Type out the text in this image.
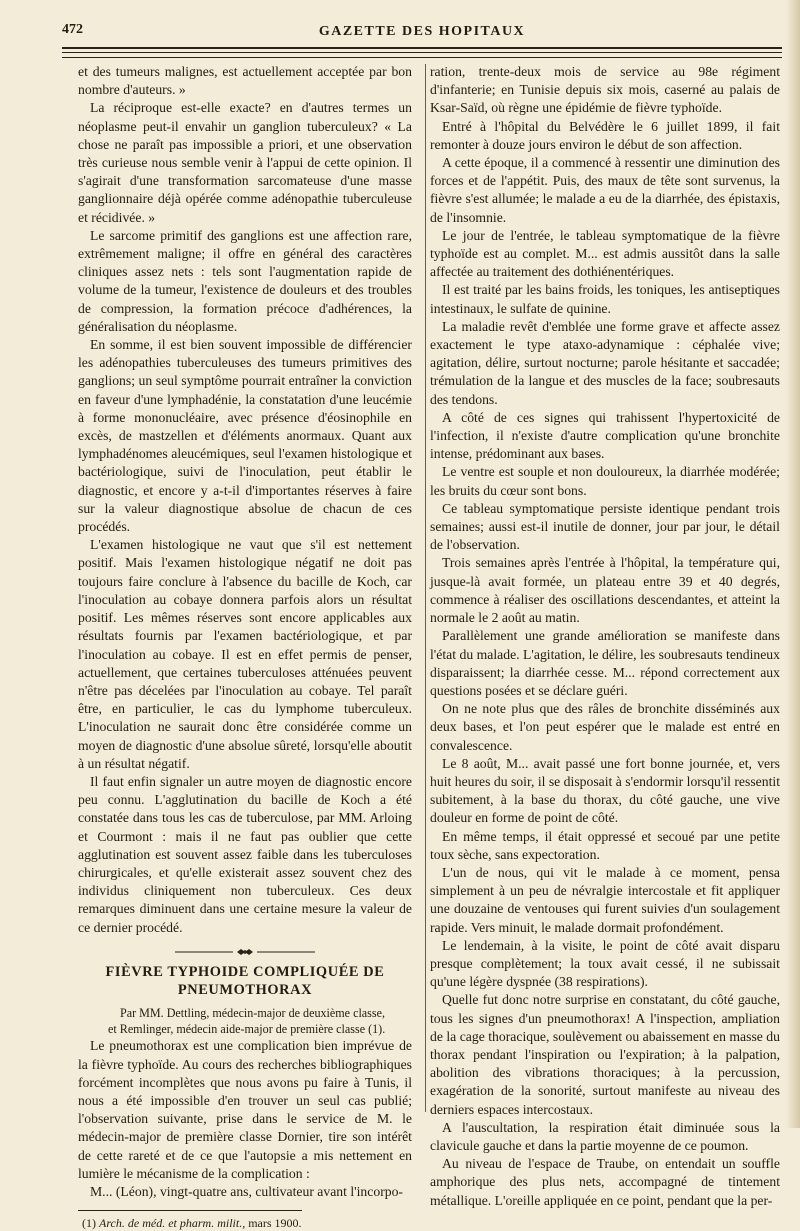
472	GAZETTE DES HOPITAUX

et des tumeurs malignes, est actuellement acceptée par bon nombre d'auteurs. »

La réciproque est-elle exacte? en d'autres termes un néoplasme peut-il envahir un ganglion tuberculeux? « La chose ne paraît pas impossible a priori, et une observation très curieuse nous semble venir à l'appui de cette opinion. Il s'agirait d'une transformation sarcomateuse d'une masse ganglionnaire déjà opérée comme adénopathie tuberculeuse et récidivée. »

Le sarcome primitif des ganglions est une affection rare, extrêmement maligne; il offre en général des caractères cliniques assez nets : tels sont l'augmentation rapide de volume de la tumeur, l'existence de douleurs et des troubles de compression, la formation précoce d'adhérences, la généralisation du néoplasme.

En somme, il est bien souvent impossible de différencier les adénopathies tuberculeuses des tumeurs primitives des ganglions; un seul symptôme pourrait entraîner la conviction en faveur d'une lymphadénie, la constatation d'une leucémie à forme mononucléaire, avec présence d'éosinophile en excès, de mastzellen et d'éléments anormaux. Quant aux lymphadénomes aleucémiques, seul l'examen histologique et bactériologique, suivi de l'inoculation, peut établir le diagnostic, et encore y a-t-il d'importantes réserves à faire sur la valeur diagnostique absolue de chacun de ces procédés.

L'examen histologique ne vaut que s'il est nettement positif. Mais l'examen histologique négatif ne doit pas toujours faire conclure à l'absence du bacille de Koch, car l'inoculation au cobaye donnera parfois alors un résultat positif. Les mêmes réserves sont encore applicables aux résultats fournis par l'examen bactériologique, et par l'inoculation au cobaye. Il est en effet permis de penser, actuellement, que certaines tuberculoses atténuées peuvent n'être pas décelées par l'inoculation au cobaye. Tel paraît être, en particulier, le cas du lymphome tuberculeux. L'inoculation ne saurait donc être considérée comme un moyen de diagnostic d'une absolue sûreté, lorsqu'elle aboutit à un résultat négatif.

Il faut enfin signaler un autre moyen de diagnostic encore peu connu. L'agglutination du bacille de Koch a été constatée dans tous les cas de tuberculose, par MM. Arloing et Courmont : mais il ne faut pas oublier que cette agglutination est souvent assez faible dans les tuberculoses chirurgicales, et qu'elle existerait assez souvent chez des individus cliniquement non tuberculeux. Ces deux remarques diminuent dans une certaine mesure la valeur de ce dernier procédé.

FIÈVRE TYPHOIDE COMPLIQUÉE DE PNEUMOTHORAX

Par MM. Dettling, médecin-major de deuxième classe,
et Remlinger, médecin aide-major de première classe (1).

Le pneumothorax est une complication bien imprévue de la fièvre typhoïde. Au cours des recherches bibliographiques forcément incomplètes que nous avons pu faire à Tunis, il nous a été impossible d'en trouver un seul cas publié; l'observation suivante, prise dans le service de M. le médecin-major de première classe Dornier, tire son intérêt de cette rareté et de ce que l'autopsie a mis nettement en lumière le mécanisme de la complication :

M... (Léon), vingt-quatre ans, cultivateur avant l'incorpo-

(1) Arch. de méd. et pharm. milit., mars 1900.

ration, trente-deux mois de service au 98e régiment d'infanterie; en Tunisie depuis six mois, caserné au palais de Ksar-Saïd, où règne une épidémie de fièvre typhoïde.

Entré à l'hôpital du Belvédère le 6 juillet 1899, il fait remonter à douze jours environ le début de son affection.

A cette époque, il a commencé à ressentir une diminution des forces et de l'appétit. Puis, des maux de tête sont survenus, la fièvre s'est allumée; le malade a eu de la diarrhée, des épistaxis, de l'insomnie.

Le jour de l'entrée, le tableau symptomatique de la fièvre typhoïde est au complet. M... est admis aussitôt dans la salle affectée au traitement des dothiénentériques.

Il est traité par les bains froids, les toniques, les antiseptiques intestinaux, le sulfate de quinine.

La maladie revêt d'emblée une forme grave et affecte assez exactement le type ataxo-adynamique : céphalée vive; agitation, délire, surtout nocturne; parole hésitante et saccadée; trémulation de la langue et des muscles de la face; soubresauts des tendons.

A côté de ces signes qui trahissent l'hypertoxicité de l'infection, il n'existe d'autre complication qu'une bronchite intense, prédominant aux bases.

Le ventre est souple et non douloureux, la diarrhée modérée; les bruits du cœur sont bons.

Ce tableau symptomatique persiste identique pendant trois semaines; aussi est-il inutile de donner, jour par jour, le détail de l'observation.

Trois semaines après l'entrée à l'hôpital, la température qui, jusque-là avait formée, un plateau entre 39 et 40 degrés, commence à réaliser des oscillations descendantes, et atteint la normale le 2 août au matin.

Parallèlement une grande amélioration se manifeste dans l'état du malade. L'agitation, le délire, les soubresauts tendineux disparaissent; la diarrhée cesse. M... répond correctement aux questions posées et se déclare guéri.

On ne note plus que des râles de bronchite disséminés aux deux bases, et l'on peut espérer que le malade est entré en convalescence.

Le 8 août, M... avait passé une fort bonne journée, et, vers huit heures du soir, il se disposait à s'endormir lorsqu'il ressentit subitement, à la base du thorax, du côté gauche, une vive douleur en forme de point de côté.

En même temps, il était oppressé et secoué par une petite toux sèche, sans expectoration.

L'un de nous, qui vit le malade à ce moment, pensa simplement à un peu de névralgie intercostale et fit appliquer une douzaine de ventouses qui furent suivies d'un soulagement rapide. Vers minuit, le malade dormait profondément.

Le lendemain, à la visite, le point de côté avait disparu presque complètement; la toux avait cessé, il ne subissait qu'une légère dyspnée (38 respirations).

Quelle fut donc notre surprise en constatant, du côté gauche, tous les signes d'un pneumothorax! A l'inspection, ampliation de la cage thoracique, soulèvement ou abaissement en masse du thorax pendant l'inspiration ou l'expiration; à la palpation, abolition des vibrations thoraciques; à la percussion, exagération de la sonorité, surtout manifeste au niveau des derniers espaces intercostaux.

A l'auscultation, la respiration était diminuée sous la clavicule gauche et dans la partie moyenne de ce poumon.

Au niveau de l'espace de Traube, on entendait un souffle amphorique des plus nets, accompagné de tintement métallique. L'oreille appliquée en ce point, pendant que la per-
